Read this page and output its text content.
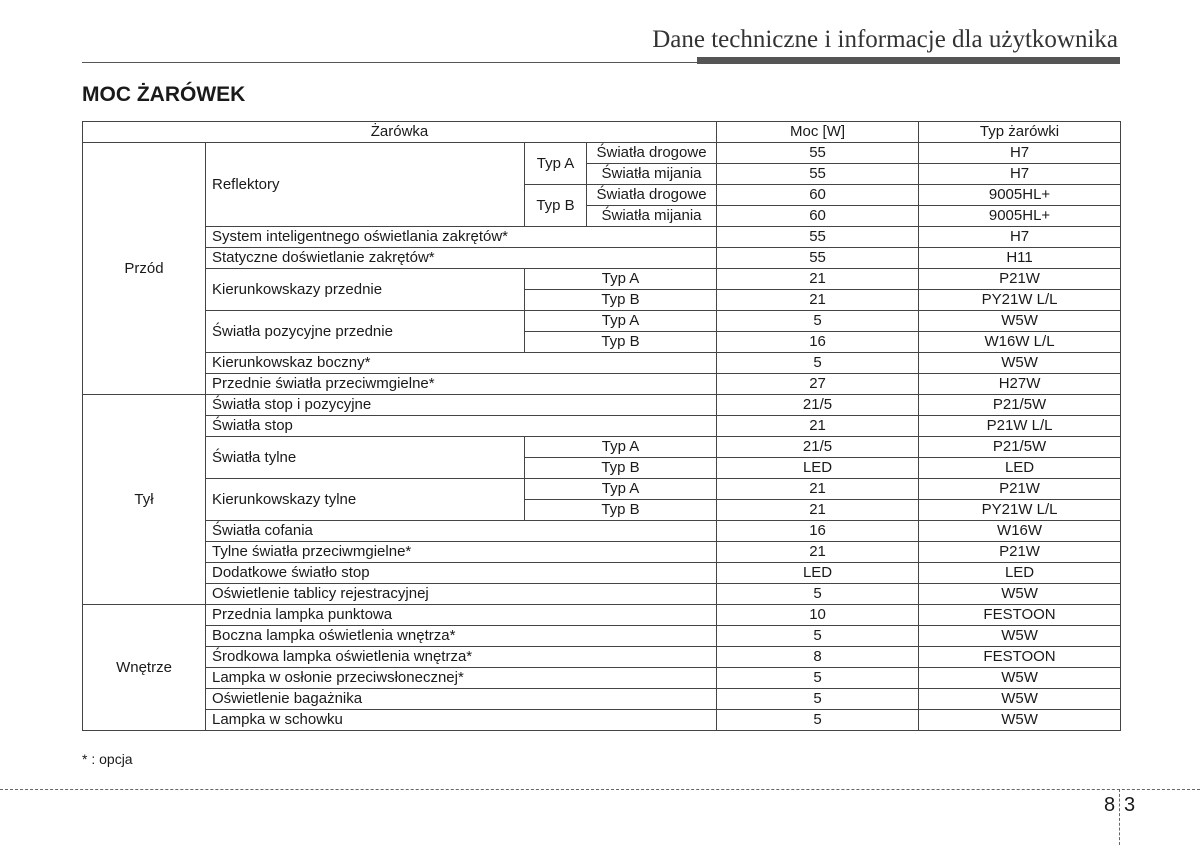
Dane techniczne i informacje dla użytkownika
MOC ŻARÓWEK
Żarówka				Moc [W]	Typ żarówki
Przód	Reflektory	Typ A	Światła drogowe	55	H7
			Światła mijania	55	H7
		Typ B	Światła drogowe	60	9005HL+
			Światła mijania	60	9005HL+
	System inteligentnego oświetlania zakrętów*			55	H7
	Statyczne doświetlanie zakrętów*			55	H11
	Kierunkowskazy przednie	Typ A		21	P21W
		Typ B		21	PY21W L/L
	Światła pozycyjne przednie	Typ A		5	W5W
		Typ B		16	W16W L/L
	Kierunkowskaz boczny*			5	W5W
	Przednie światła przeciwmgielne*			27	H27W
Tył	Światła stop i pozycyjne			21/5	P21/5W
	Światła stop			21	P21W L/L
	Światła tylne	Typ A		21/5	P21/5W
		Typ B		LED	LED
	Kierunkowskazy tylne	Typ A		21	P21W
		Typ B		21	PY21W L/L
	Światła cofania			16	W16W
	Tylne światła przeciwmgielne*			21	P21W
	Dodatkowe światło stop			LED	LED
	Oświetlenie tablicy rejestracyjnej			5	W5W
Wnętrze	Przednia lampka punktowa			10	FESTOON
	Boczna lampka oświetlenia wnętrza*			5	W5W
	Środkowa lampka oświetlenia wnętrza*			8	FESTOON
	Lampka w osłonie przeciwsłonecznej*			5	W5W
	Oświetlenie bagażnika			5	W5W
	Lampka w schowku			5	W5W
* : opcja
8 3
